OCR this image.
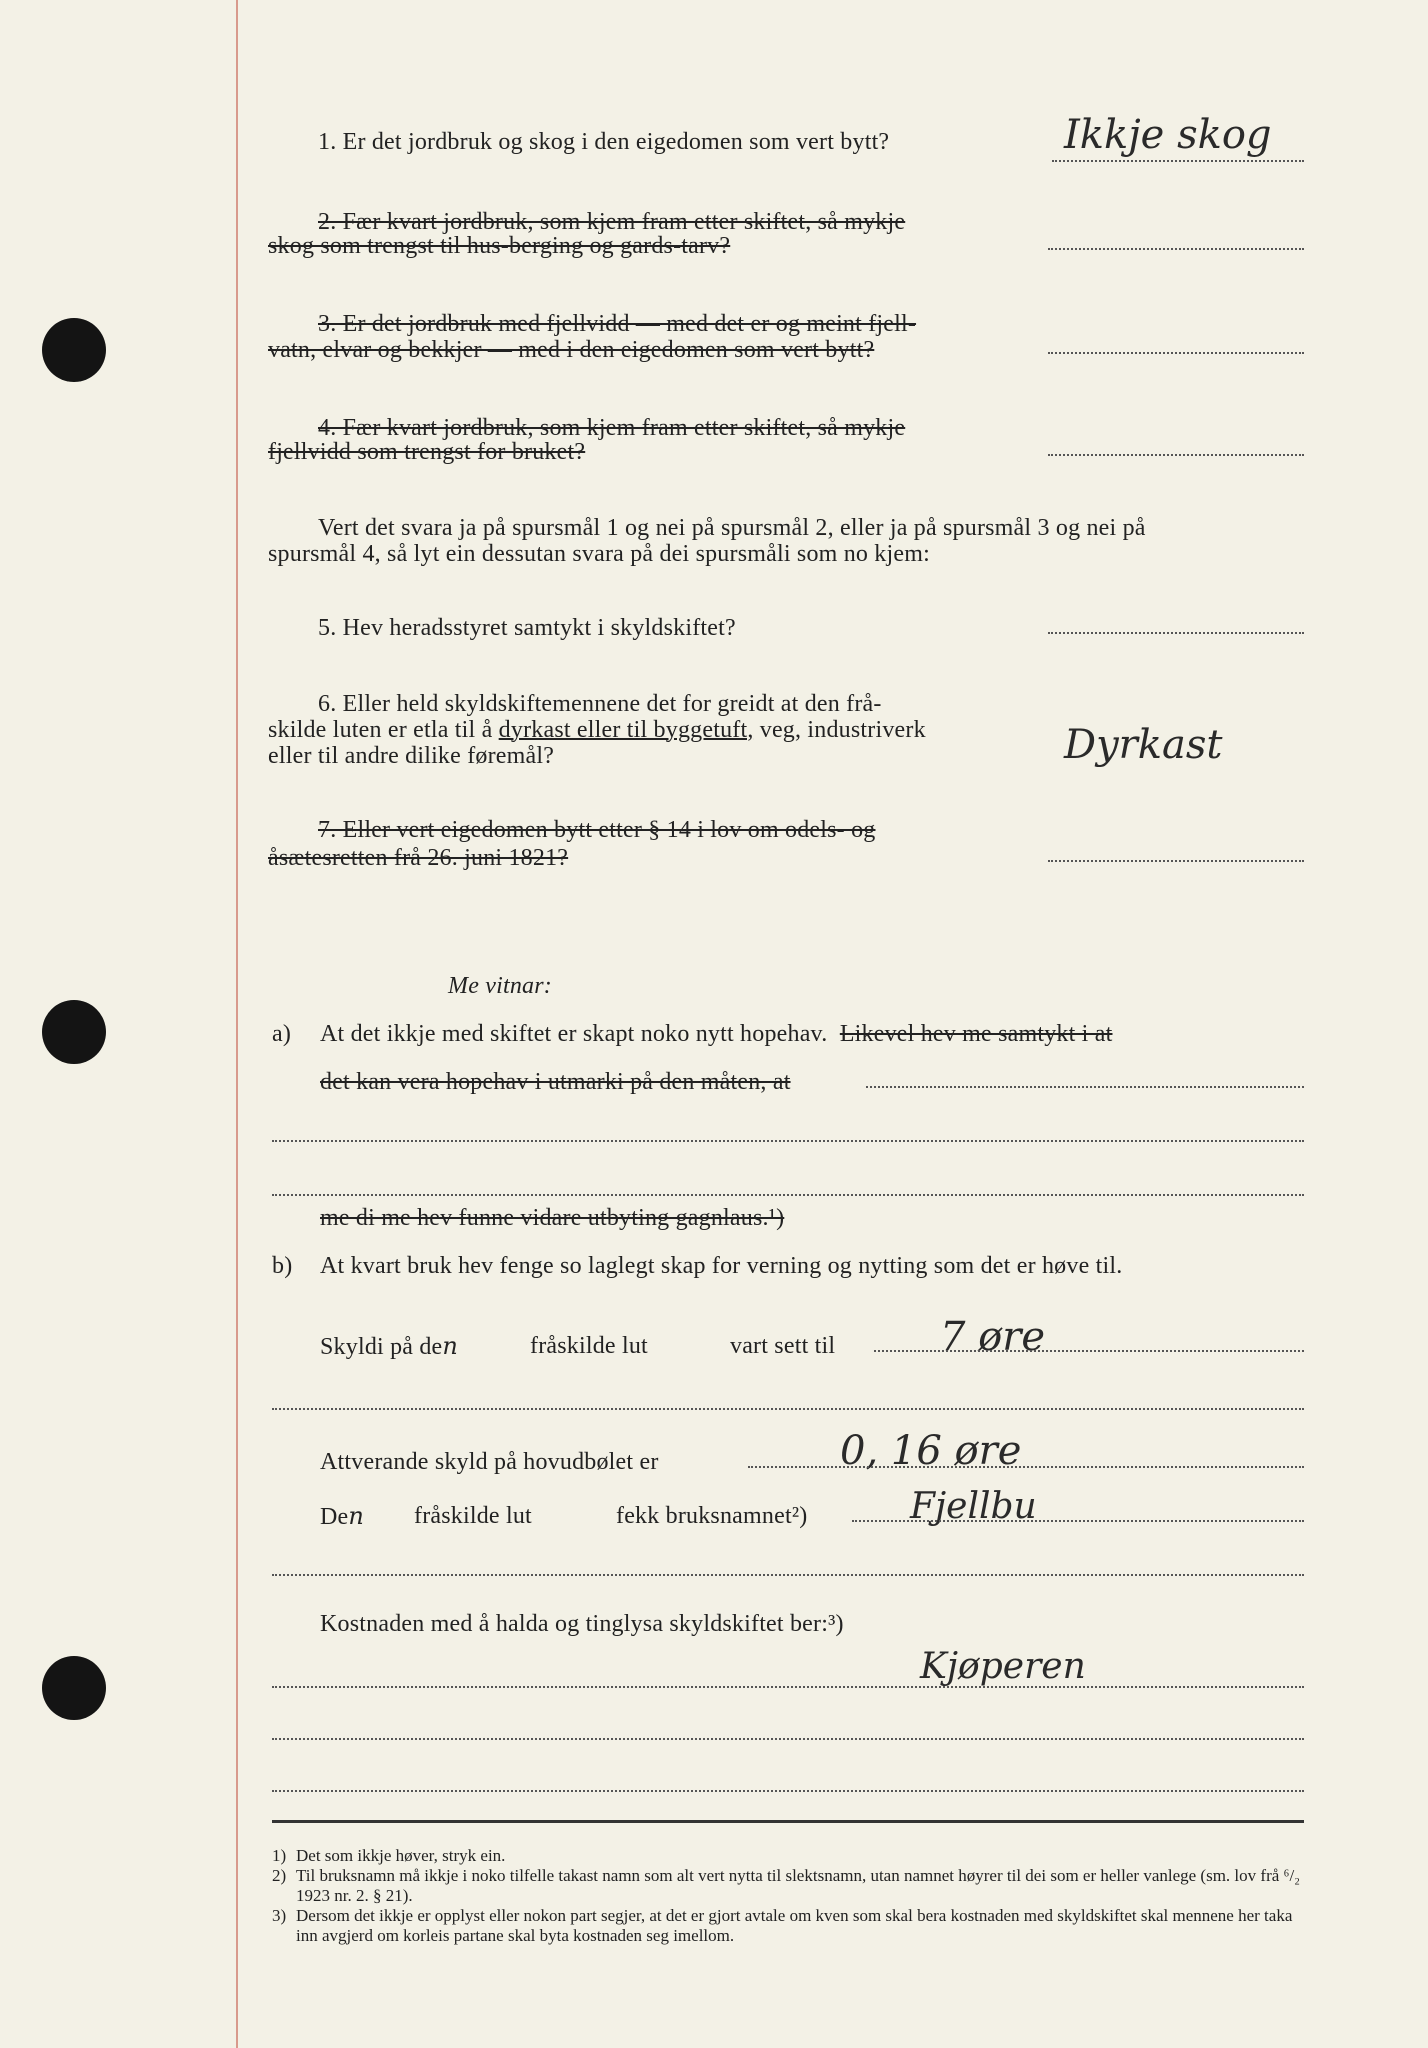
1. Er det jordbruk og skog i den eigedomen som vert bytt?	Ikkje skog
2. Fær kvart jordbruk, som kjem fram etter skiftet, så mykje
skog som trengst til hus-berging og gards-tarv?
3. Er det jordbruk med fjellvidd — med det er og meint fjell-
vatn, elvar og bekkjer — med i den eigedomen som vert bytt?
4. Fær kvart jordbruk, som kjem fram etter skiftet, så mykje
fjellvidd som trengst for bruket?
Vert det svara ja på spursmål 1 og nei på spursmål 2, eller ja på spursmål 3 og nei på
spursmål 4, så lyt ein dessutan svara på dei spursmåli som no kjem:
5. Hev heradsstyret samtykt i skyldskiftet?
6. Eller held skyldskiftemennene det for greidt at den frå-
skilde luten er etla til å dyrkast eller til byggetuft, veg, industriverk
eller til andre dilike føremål?	Dyrkast
7. Eller vert eigedomen bytt etter § 14 i lov om odels- og
åsætesretten frå 26. juni 1821?
Me vitnar:
a) At det ikkje med skiftet er skapt noko nytt hopehav. Likevel hev me samtykt i at
det kan vera hopehav i utmarki på den måten, at
me di me hev funne vidare utbyting gagnlaus.¹)
b) At kvart bruk hev fenge so laglegt skap for verning og nytting som det er høve til.
Skyldi på den	fråskilde lut	vart sett til	7 øre
Attverande skyld på hovudbølet er	0, 16 øre
Den fråskilde lut	fekk bruksnamnet²)	Fjellbu
Kostnaden med å halda og tinglysa skyldskiftet ber:³)
Kjøperen
1) Det som ikkje høver, stryk ein.
2) Til bruksnamn må ikkje i noko tilfelle takast namn som alt vert nytta til slektsnamn, utan namnet høyrer til dei som er heller vanlege (sm. lov frå ⁶/₂ 1923 nr. 2. § 21).
3) Dersom det ikkje er opplyst eller nokon part segjer, at det er gjort avtale om kven som skal bera kostnaden med skyldskiftet skal mennene her taka inn avgjerd om korleis partane skal byta kostnaden seg imellom.
